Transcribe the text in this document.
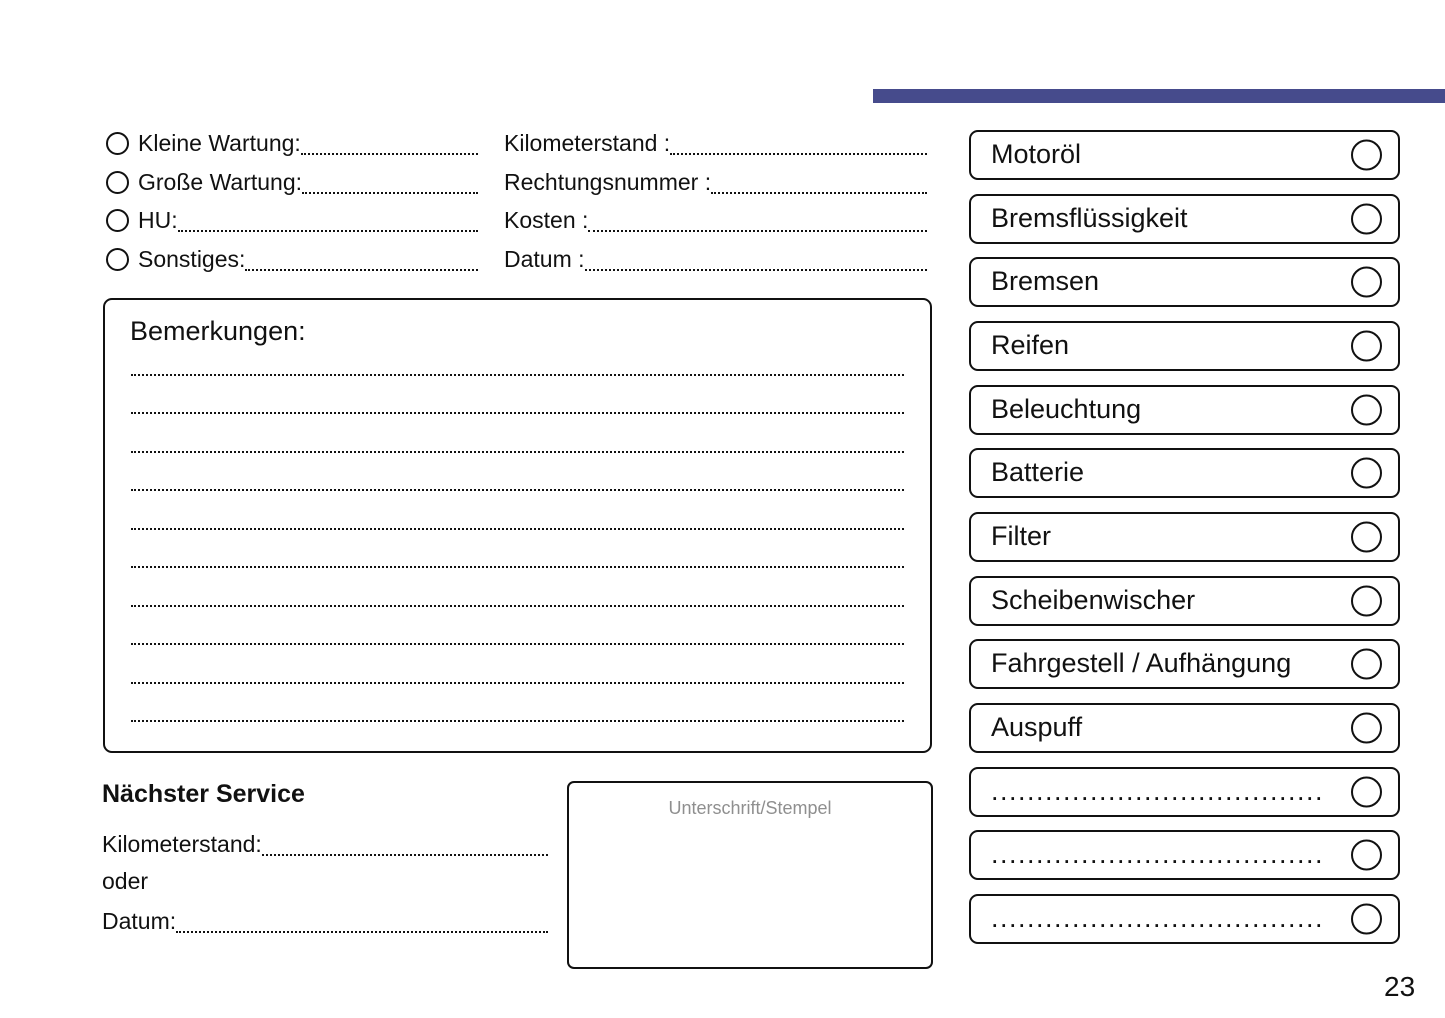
Kleine Wartung:
Große Wartung:
HU:
Sonstiges:
Kilometerstand :
Rechtungsnummer :
Kosten :
Datum :
Bemerkungen:
Nächster Service
Kilometerstand:
oder
Datum:
Unterschrift/Stempel
Motoröl
Bremsflüssigkeit
Bremsen
Reifen
Beleuchtung
Batterie
Filter
Scheibenwischer
Fahrgestell / Aufhängung
Auspuff
.....................................
.....................................
.....................................
23
